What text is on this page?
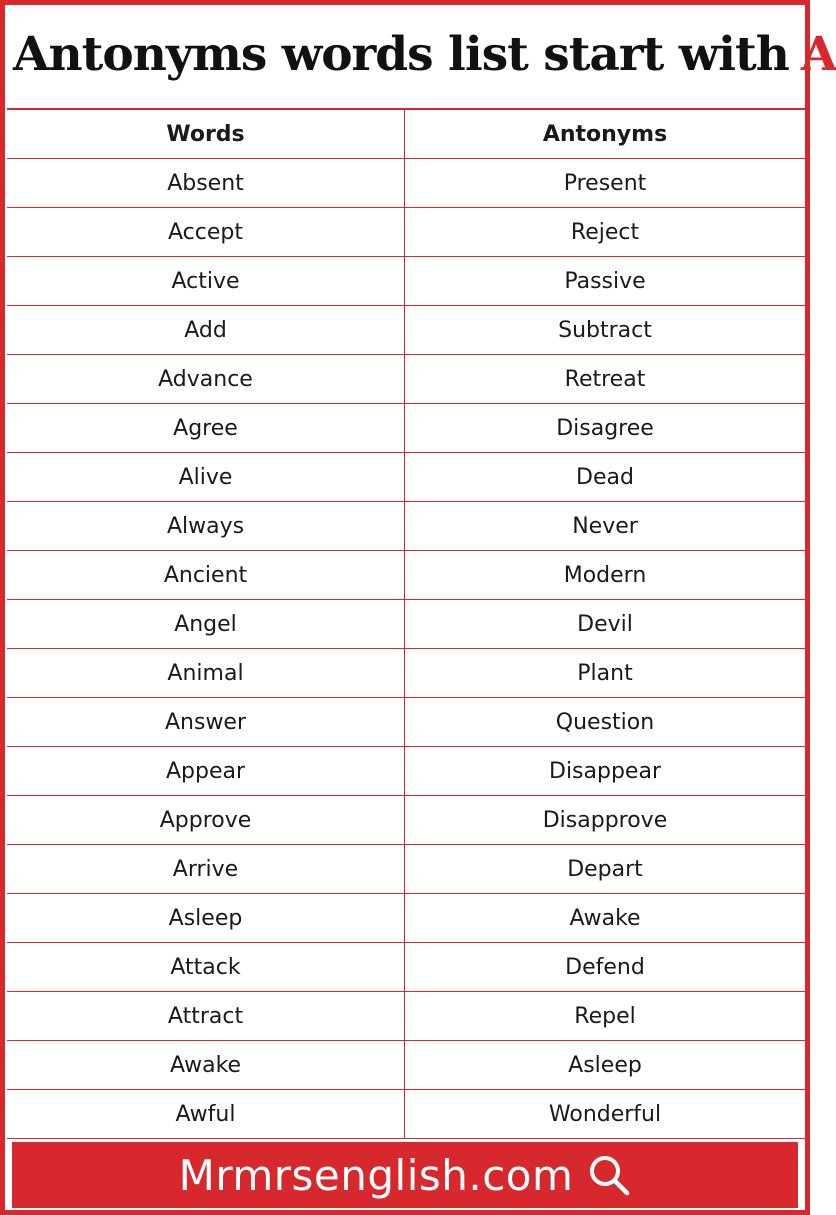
Antonyms words list start with A
Words	Antonyms
Absent	Present
Accept	Reject
Active	Passive
Add	Subtract
Advance	Retreat
Agree	Disagree
Alive	Dead
Always	Never
Ancient	Modern
Angel	Devil
Animal	Plant
Answer	Question
Appear	Disappear
Approve	Disapprove
Arrive	Depart
Asleep	Awake
Attack	Defend
Attract	Repel
Awake	Asleep
Awful	Wonderful
Mrmrsenglish.com
